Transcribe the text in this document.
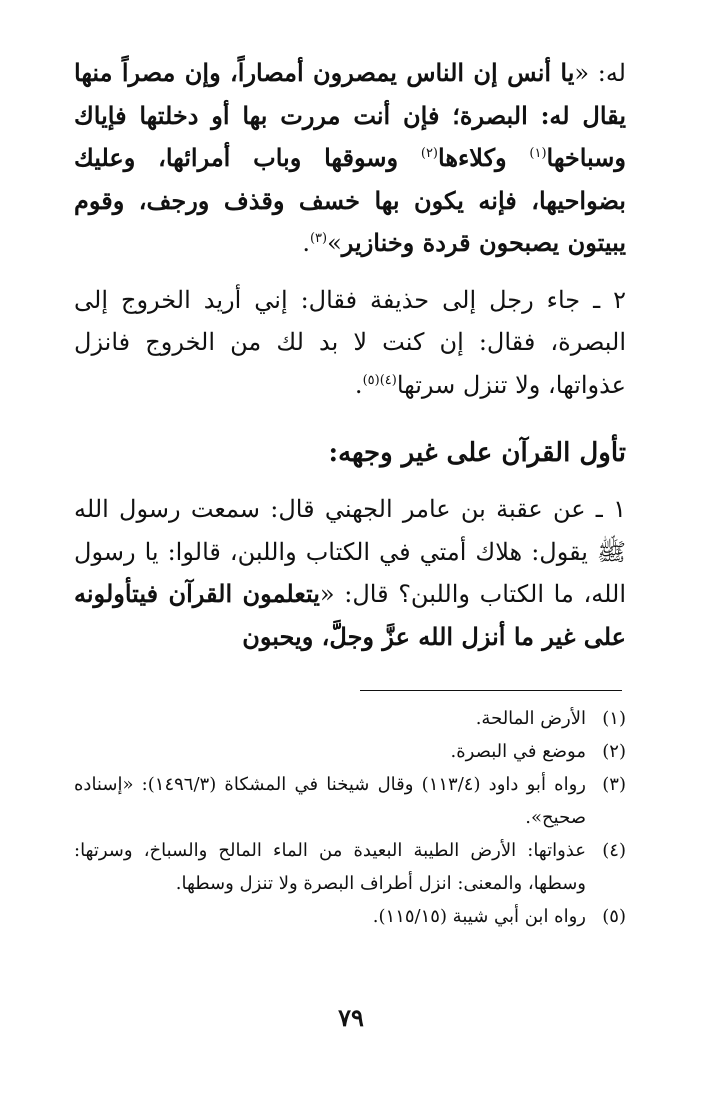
له: «يا أنس إن الناس يمصرون أمصاراً، وإن مصراً منها يقال له: البصرة؛ فإن أنت مررت بها أو دخلتها فإياك وسباخها$^{(١)}$ وكلاءها$^{(٢)}$ وسوقها وباب أمرائها، وعليك بضواحيها، فإنه يكون بها خسف وقذف ورجف، وقوم يبيتون يصبحون قردة وخنازير»$^{(٣)}$.

٢ ـ جاء رجل إلى حذيفة فقال: إني أريد الخروج إلى البصرة، فقال: إن كنت لا بد لك من الخروج فانزل عذواتها، ولا تنزل سرتها$^{(٤)(٥)}$.

تأول القرآن على غير وجهه:

١ ـ عن عقبة بن عامر الجهني قال: سمعت رسول الله ﷺ يقول: هلاك أمتي في الكتاب واللبن، قالوا: يا رسول الله، ما الكتاب واللبن؟ قال: «يتعلمون القرآن فيتأولونه على غير ما أنزل الله عزَّ وجلَّ، ويحبون

(١)
الأرض المالحة.
(٢)
موضع في البصرة.
(٣)
رواه أبو داود (١١٣/٤) وقال شيخنا في المشكاة (١٤٩٦/٣): «إسناده صحيح».
(٤)
عذواتها: الأرض الطيبة البعيدة من الماء المالح والسباخ، وسرتها: وسطها، والمعنى: انزل أطراف البصرة ولا تنزل وسطها.
(٥)
رواه ابن أبي شيبة (١١٥/١٥).
٧٩
